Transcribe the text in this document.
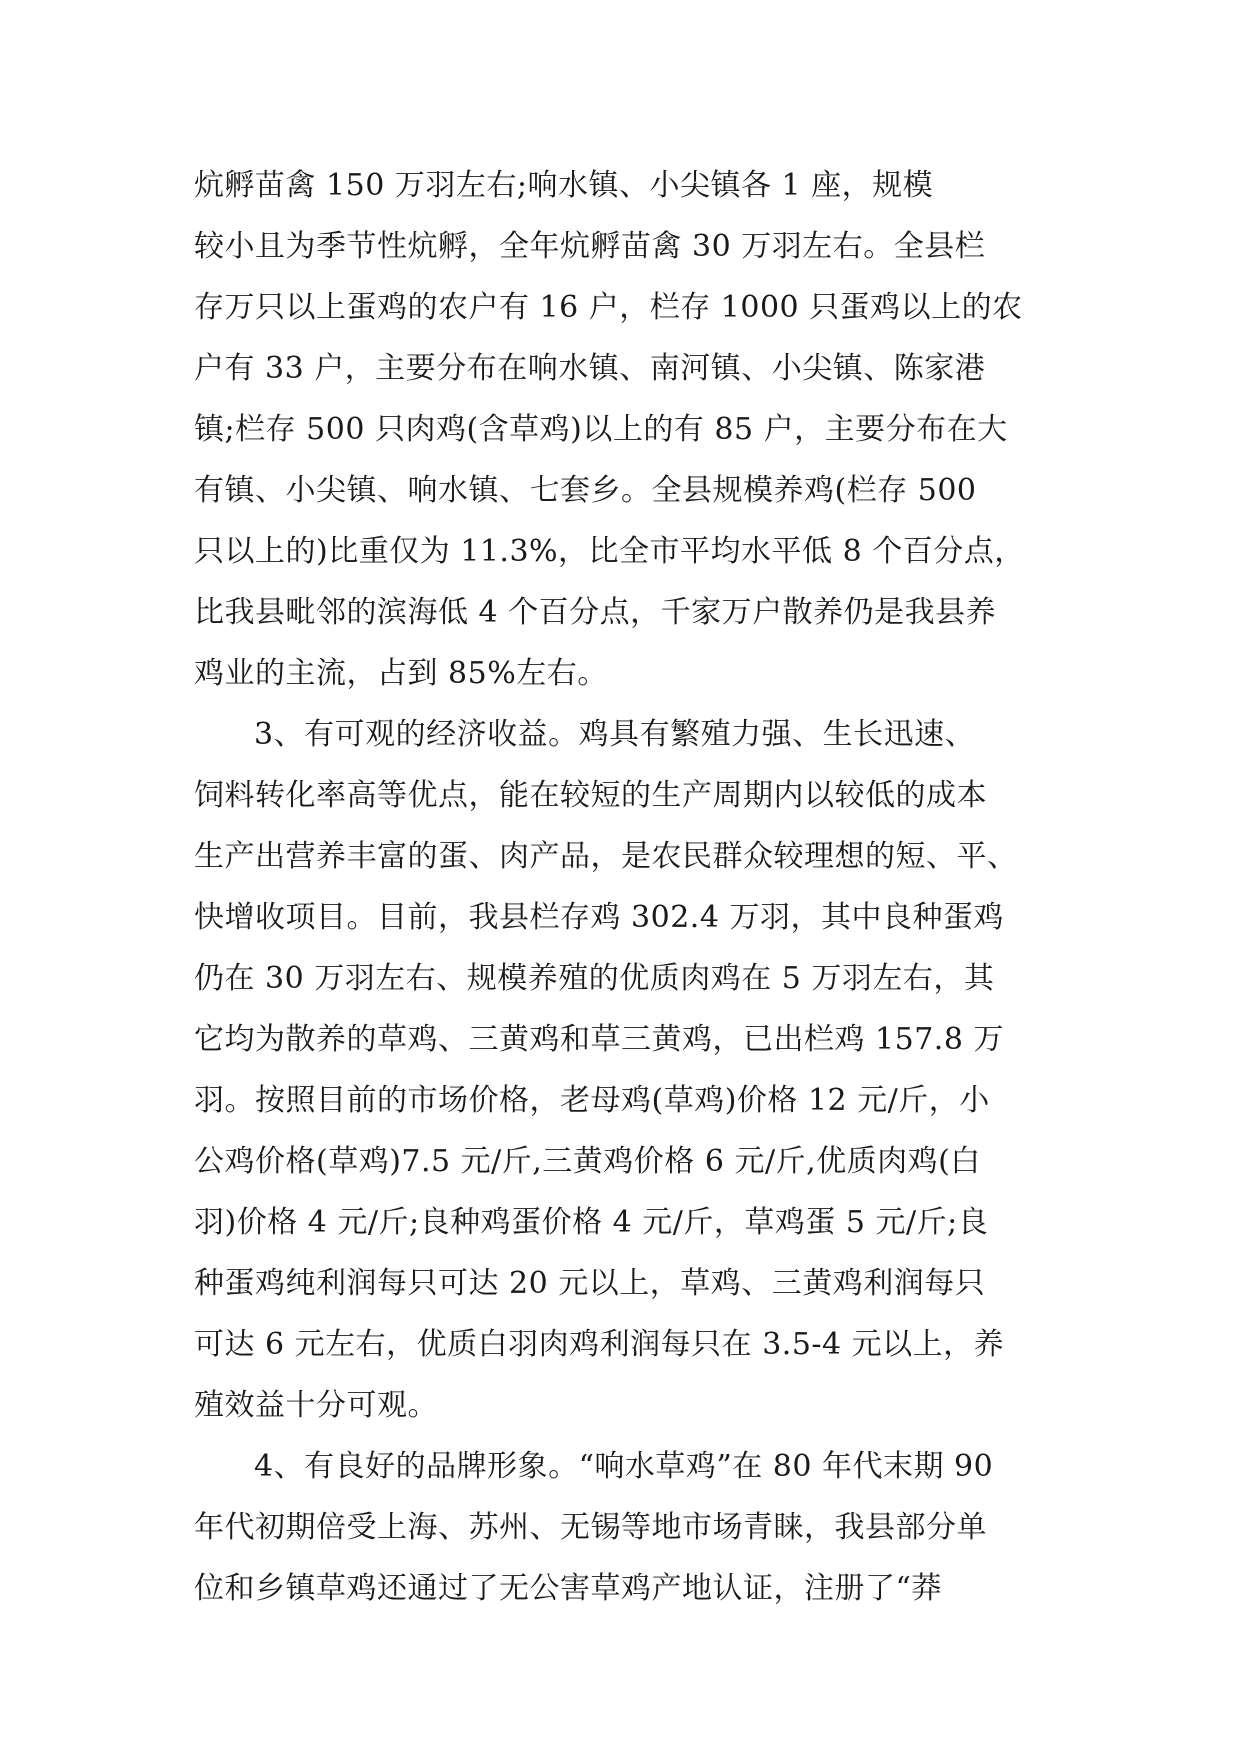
炕孵苗禽 150 万羽左右;响水镇、小尖镇各 1 座，规模
较小且为季节性炕孵，全年炕孵苗禽 30 万羽左右。全县栏
存万只以上蛋鸡的农户有 16 户，栏存 1000 只蛋鸡以上的农
户有 33 户，主要分布在响水镇、南河镇、小尖镇、陈家港
镇;栏存 500 只肉鸡(含草鸡)以上的有 85 户，主要分布在大
有镇、小尖镇、响水镇、七套乡。全县规模养鸡(栏存 500
只以上的)比重仅为 11.3%，比全市平均水平低 8 个百分点，
比我县毗邻的滨海低 4 个百分点，千家万户散养仍是我县养
鸡业的主流，占到 85%左右。
3、有可观的经济收益。鸡具有繁殖力强、生长迅速、
饲料转化率高等优点，能在较短的生产周期内以较低的成本
生产出营养丰富的蛋、肉产品，是农民群众较理想的短、平、
快增收项目。目前，我县栏存鸡 302.4 万羽，其中良种蛋鸡
仍在 30 万羽左右、规模养殖的优质肉鸡在 5 万羽左右，其
它均为散养的草鸡、三黄鸡和草三黄鸡，已出栏鸡 157.8 万
羽。按照目前的市场价格，老母鸡(草鸡)价格 12 元/斤，小
公鸡价格(草鸡)7.5 元/斤,三黄鸡价格 6 元/斤,优质肉鸡(白
羽)价格 4 元/斤;良种鸡蛋价格 4 元/斤，草鸡蛋 5 元/斤;良
种蛋鸡纯利润每只可达 20 元以上，草鸡、三黄鸡利润每只
可达 6 元左右，优质白羽肉鸡利润每只在 3.5-4 元以上，养
殖效益十分可观。
4、有良好的品牌形象。“响水草鸡”在 80 年代末期 90
年代初期倍受上海、苏州、无锡等地市场青睐，我县部分单
位和乡镇草鸡还通过了无公害草鸡产地认证，注册了“莽
